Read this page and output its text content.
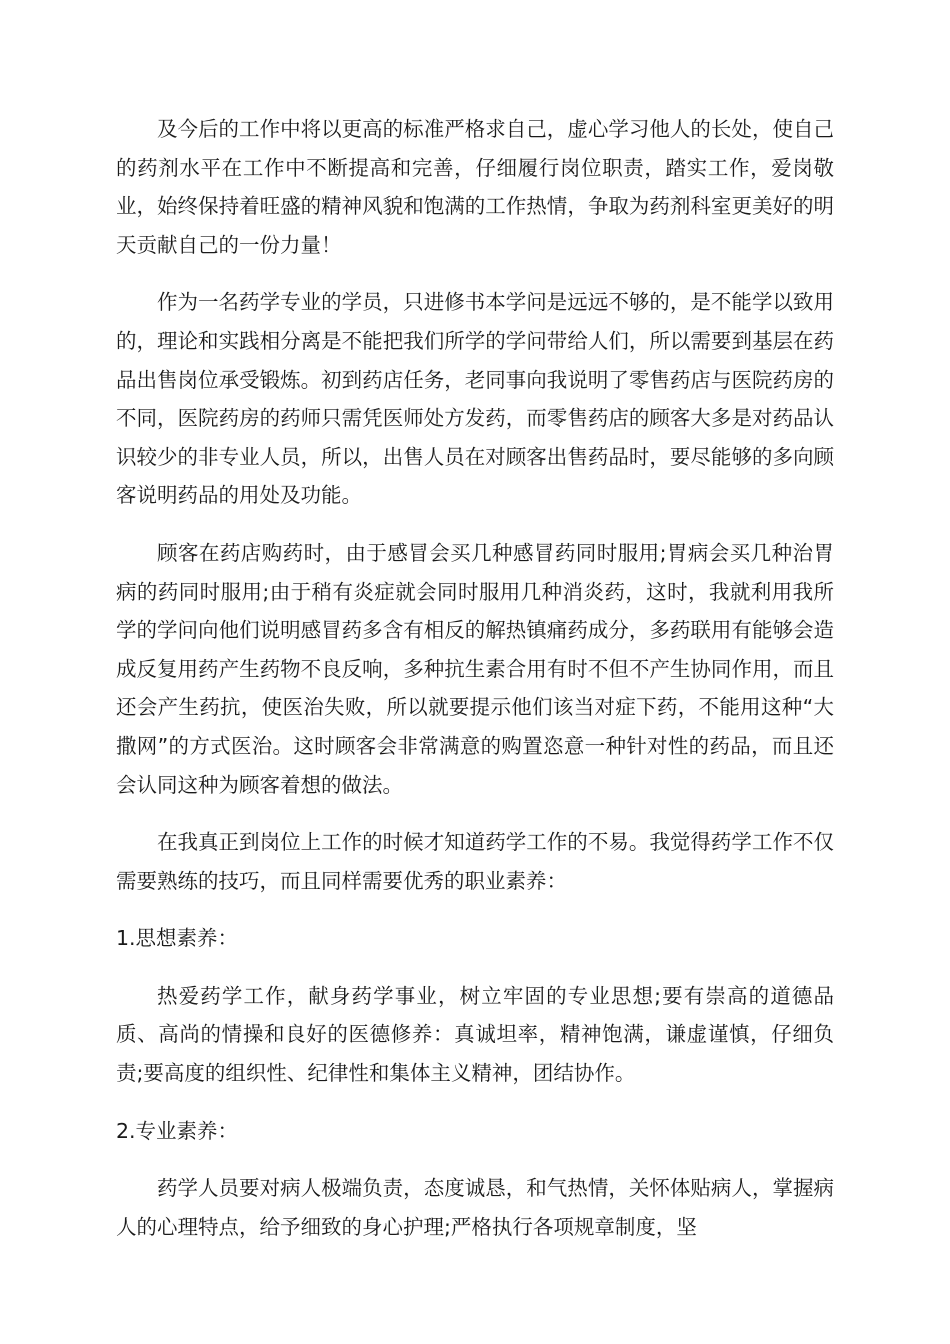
及今后的工作中将以更高的标准严格求自己，虚心学习他人的长处，使自己的药剂水平在工作中不断提高和完善，仔细履行岗位职责，踏实工作，爱岗敬业，始终保持着旺盛的精神风貌和饱满的工作热情，争取为药剂科室更美好的明天贡献自己的一份力量！

作为一名药学专业的学员，只进修书本学问是远远不够的，是不能学以致用的，理论和实践相分离是不能把我们所学的学问带给人们，所以需要到基层在药品出售岗位承受锻炼。初到药店任务，老同事向我说明了零售药店与医院药房的不同，医院药房的药师只需凭医师处方发药，而零售药店的顾客大多是对药品认识较少的非专业人员，所以，出售人员在对顾客出售药品时，要尽能够的多向顾客说明药品的用处及功能。

顾客在药店购药时，由于感冒会买几种感冒药同时服用;胃病会买几种治胃病的药同时服用;由于稍有炎症就会同时服用几种消炎药，这时，我就利用我所学的学问向他们说明感冒药多含有相反的解热镇痛药成分，多药联用有能够会造成反复用药产生药物不良反响，多种抗生素合用有时不但不产生协同作用，而且还会产生药抗，使医治失败，所以就要提示他们该当对症下药，不能用这种“大撒网”的方式医治。这时顾客会非常满意的购置恣意一种针对性的药品，而且还会认同这种为顾客着想的做法。

在我真正到岗位上工作的时候才知道药学工作的不易。我觉得药学工作不仅需要熟练的技巧，而且同样需要优秀的职业素养：

1.思想素养：

热爱药学工作，献身药学事业，树立牢固的专业思想;要有崇高的道德品质、高尚的情操和良好的医德修养：真诚坦率，精神饱满，谦虚谨慎，仔细负责;要高度的组织性、纪律性和集体主义精神，团结协作。

2.专业素养：

药学人员要对病人极端负责，态度诚恳，和气热情，关怀体贴病人，掌握病人的心理特点，给予细致的身心护理;严格执行各项规章制度，坚
